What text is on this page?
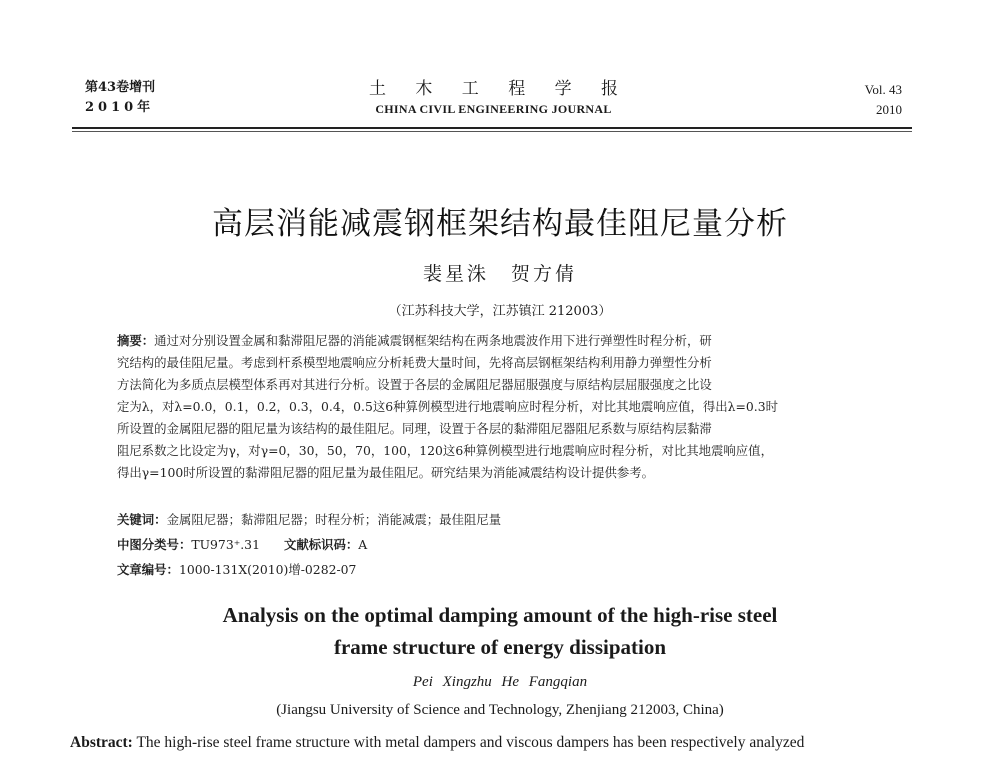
第43卷增刊
2010年
土 木 工 程 学 报
CHINA CIVIL ENGINEERING JOURNAL
Vol. 43
2010
高层消能减震钢框架结构最佳阻尼量分析
裴星洙　贺方倩
（江苏科技大学，江苏镇江 212003）
摘要：通过对分别设置金属和黏滞阻尼器的消能减震钢框架结构在两条地震波作用下进行弹塑性时程分析，研
究结构的最佳阻尼量。考虑到杆系模型地震响应分析耗费大量时间，先将高层钢框架结构利用静力弹塑性分析
方法简化为多质点层模型体系再对其进行分析。设置于各层的金属阻尼器屈服强度与原结构层屈服强度之比设
定为λ，对λ=0.0，0.1，0.2，0.3，0.4，0.5这6种算例模型进行地震响应时程分析，对比其地震响应值，得出λ=0.3时
所设置的金属阻尼器的阻尼量为该结构的最佳阻尼。同理，设置于各层的黏滞阻尼器阻尼系数与原结构层黏滞
阻尼系数之比设定为γ，对γ=0，30，50，70，100，120这6种算例模型进行地震响应时程分析，对比其地震响应值，
得出γ=100时所设置的黏滞阻尼器的阻尼量为最佳阻尼。研究结果为消能减震结构设计提供参考。
关键词：金属阻尼器；黏滞阻尼器；时程分析；消能减震；最佳阻尼量
中图分类号：TU973⁺.31 文献标识码：A
文章编号：1000-131X(2010)增-0282-07
Analysis on the optimal damping amount of the high-rise steel
frame structure of energy dissipation
Pei Xingzhu He Fangqian
(Jiangsu University of Science and Technology, Zhenjiang 212003, China)
Abstract: The high-rise steel frame structure with metal dampers and viscous dampers has been respectively analyzed
